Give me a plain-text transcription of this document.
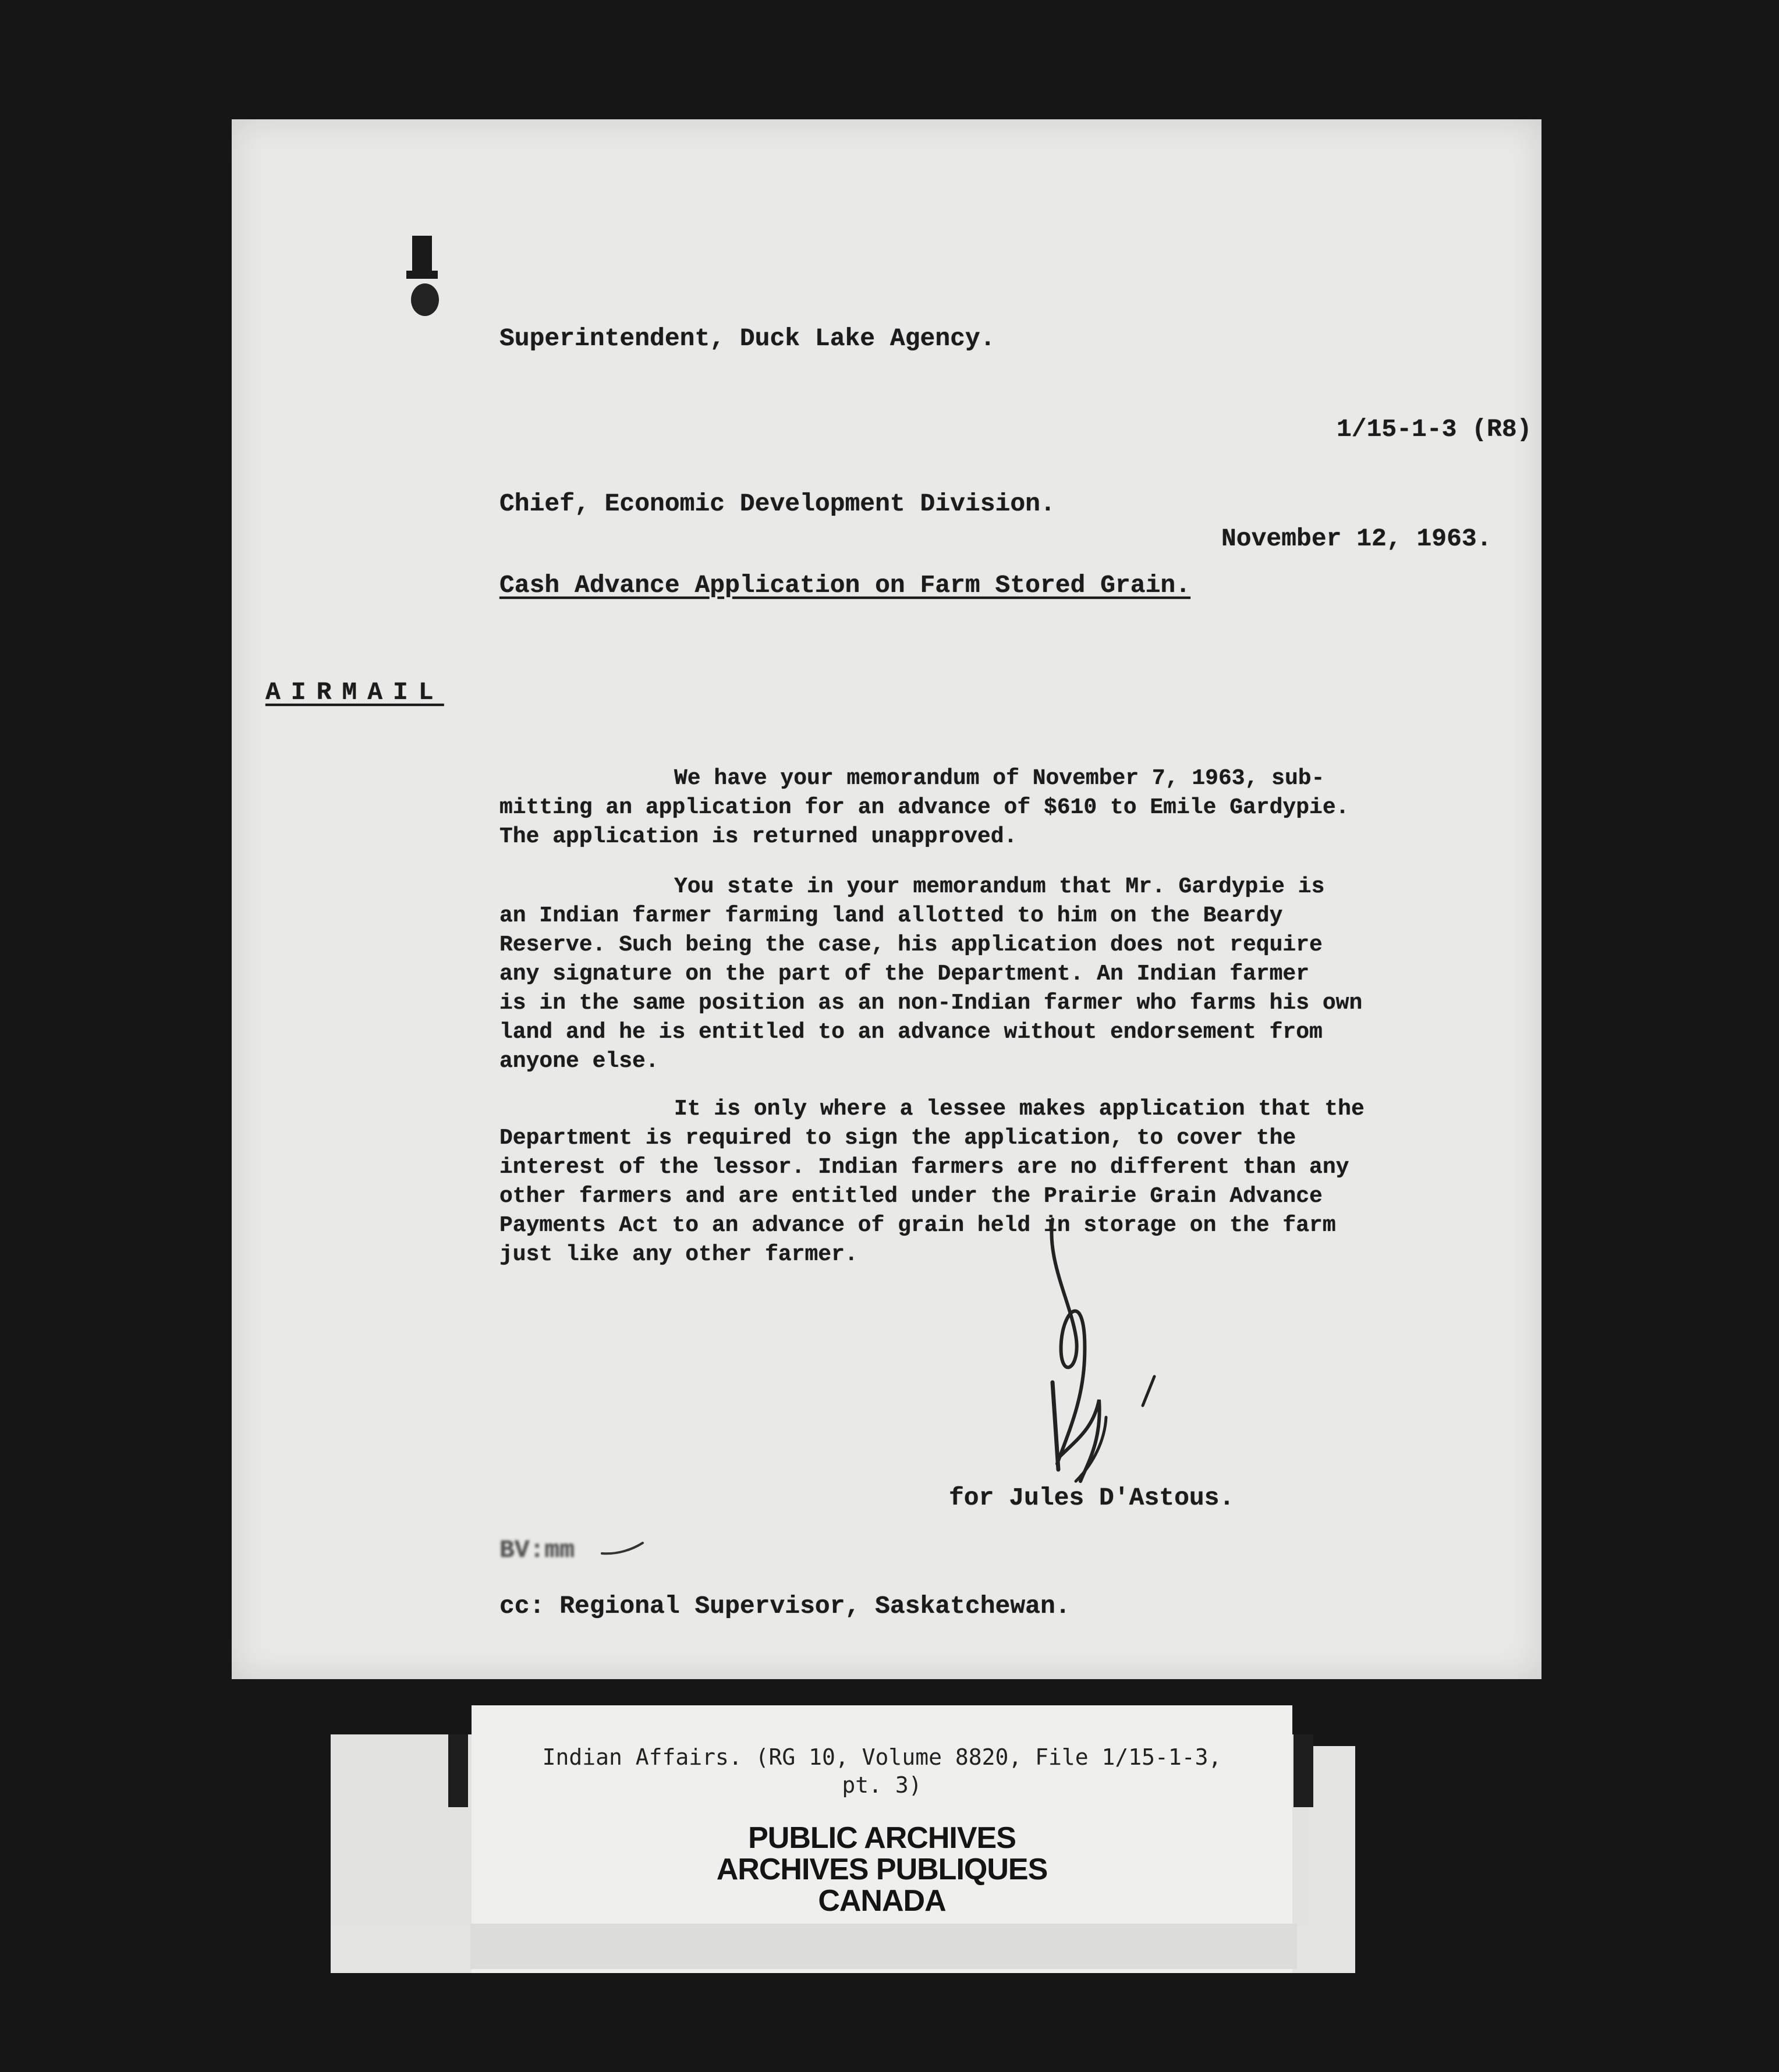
Superintendent, Duck Lake Agency.
1/15-1-3 (R8)
Chief, Economic Development Division.
November 12, 1963.
Cash Advance Application on Farm Stored Grain.
AIRMAIL
We have your memorandum of November 7, 1963, sub-
mitting an application for an advance of $610 to Emile Gardypie.
The application is returned unapproved.
You state in your memorandum that Mr. Gardypie is
an Indian farmer farming land allotted to him on the Beardy
Reserve. Such being the case, his application does not require
any signature on the part of the Department. An Indian farmer
is in the same position as an non-Indian farmer who farms his own
land and he is entitled to an advance without endorsement from
anyone else.
It is only where a lessee makes application that the
Department is required to sign the application, to cover the
interest of the lessor. Indian farmers are no different than any
other farmers and are entitled under the Prairie Grain Advance
Payments Act to an advance of grain held in storage on the farm
just like any other farmer.
for Jules D'Astous.
BV:mm
cc: Regional Supervisor, Saskatchewan.
Indian Affairs. (RG 10, Volume 8820, File 1/15-1-3,
pt. 3)
PUBLIC ARCHIVES
ARCHIVES PUBLIQUES
CANADA
